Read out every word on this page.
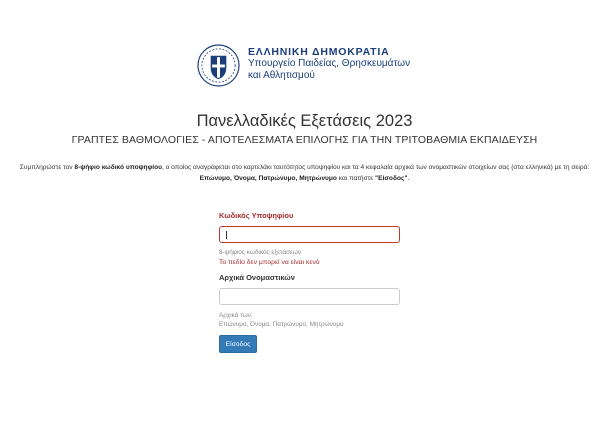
ΕΛΛΗΝΙΚΗ ΔΗΜΟΚΡΑΤΙΑ
Υπουργείο Παιδείας, Θρησκευμάτων
και Αθλητισμού
Πανελλαδικές Εξετάσεις 2023
ΓΡΑΠΤΕΣ ΒΑΘΜΟΛΟΓΙΕΣ - ΑΠΟΤΕΛΕΣΜΑΤΑ ΕΠΙΛΟΓΗΣ ΓΙΑ ΤΗΝ ΤΡΙΤΟΒΑΘΜΙΑ ΕΚΠΑΙΔΕΥΣΗ
Συμπληρώστε τον 8-ψήφιο κωδικό υποψηφίου, ο οποίος αναγράφεται στο καρτελάκι ταυτότητος υποψηφίου και τα 4 κεφαλαία αρχικά των ονομαστικών στοιχείων σας (στα ελληνικά) με τη σειρά:
Επώνυμο, Όνομα, Πατρώνυμο, Μητρώνυμο και πατήστε "Είσοδος".
Κωδικός Υποψηφίου
8-ψήφιος κωδικός εξετάσεων
Το πεδίο δεν μπορεί να είναι κενό
Αρχικά Ονομαστικών
Αρχικά των:
Επώνυμο, Όνομα, Πατρώνυμο, Μητρώνυμο
Είσοδος
